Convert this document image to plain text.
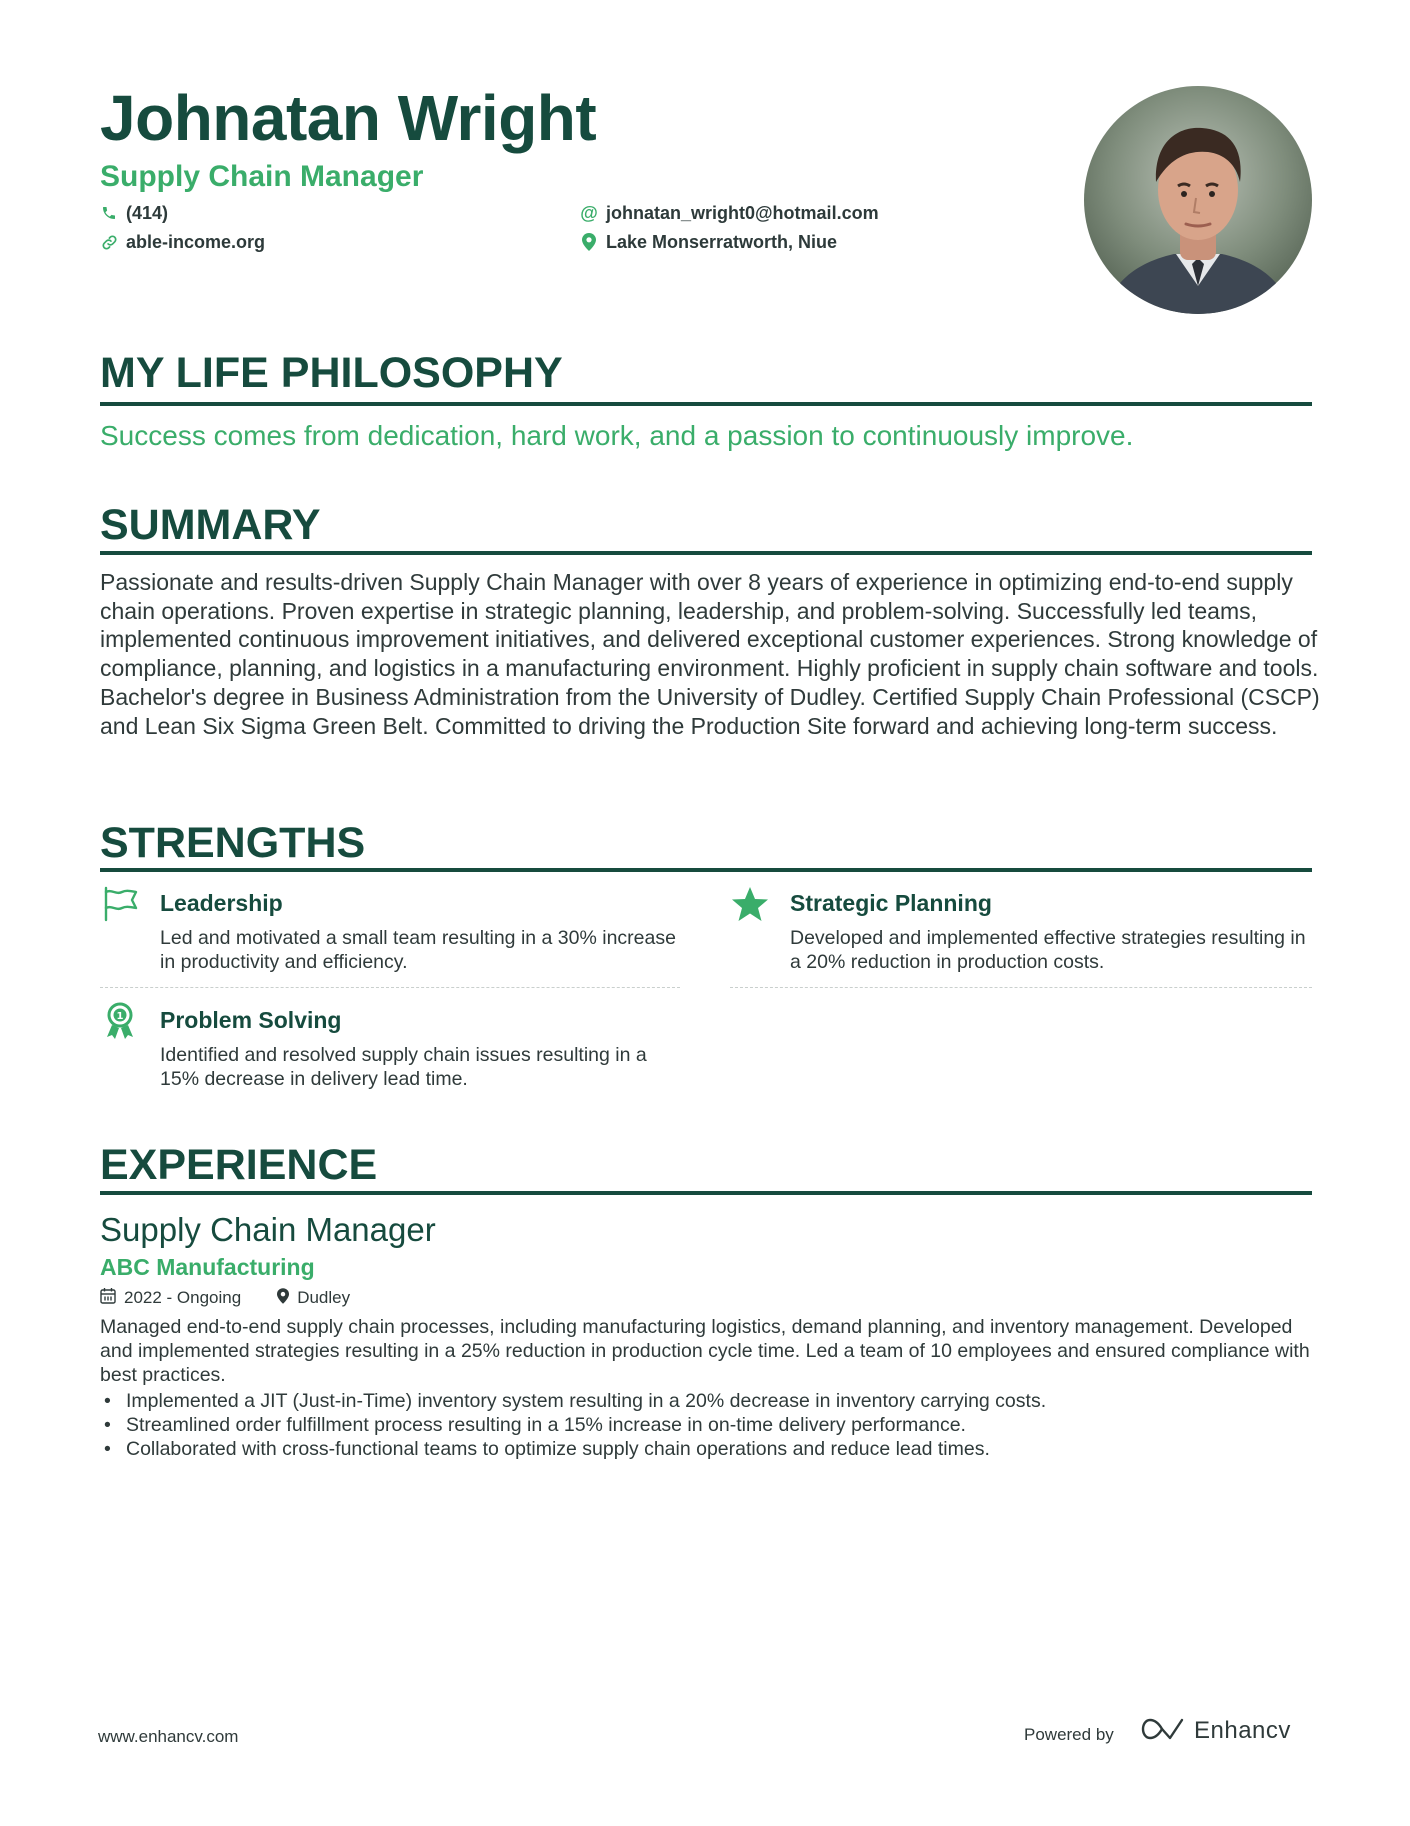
Johnatan Wright
Supply Chain Manager
(414)	@ johnatan_wright0@hotmail.com
able-income.org	Lake Monserratworth, Niue
MY LIFE PHILOSOPHY

Success comes from dedication, hard work, and a passion to continuously improve.

SUMMARY

Passionate and results-driven Supply Chain Manager with over 8 years of experience in optimizing end-to-end supply chain operations. Proven expertise in strategic planning, leadership, and problem-solving. Successfully led teams, implemented continuous improvement initiatives, and delivered exceptional customer experiences. Strong knowledge of compliance, planning, and logistics in a manufacturing environment. Highly proficient in supply chain software and tools. Bachelor's degree in Business Administration from the University of Dudley. Certified Supply Chain Professional (CSCP) and Lean Six Sigma Green Belt. Committed to driving the Production Site forward and achieving long-term success.

STRENGTHS
Leadership

Led and motivated a small team resulting in a 30% increase in productivity and efficiency.

Strategic Planning

Developed and implemented effective strategies resulting in a 20% reduction in production costs.

1 Problem Solving

Identified and resolved supply chain issues resulting in a 15% decrease in delivery lead time.

EXPERIENCE
Supply Chain Manager
ABC Manufacturing
2022 - Ongoing	Dudley

Managed end-to-end supply chain processes, including manufacturing logistics, demand planning, and inventory management. Developed and implemented strategies resulting in a 25% reduction in production cycle time. Led a team of 10 employees and ensured compliance with best practices.

• Implemented a JIT (Just-in-Time) inventory system resulting in a 20% decrease in inventory carrying costs.
• Streamlined order fulfillment process resulting in a 15% increase in on-time delivery performance.
• Collaborated with cross-functional teams to optimize supply chain operations and reduce lead times.
www.enhancv.com	Powered by	Enhancv
